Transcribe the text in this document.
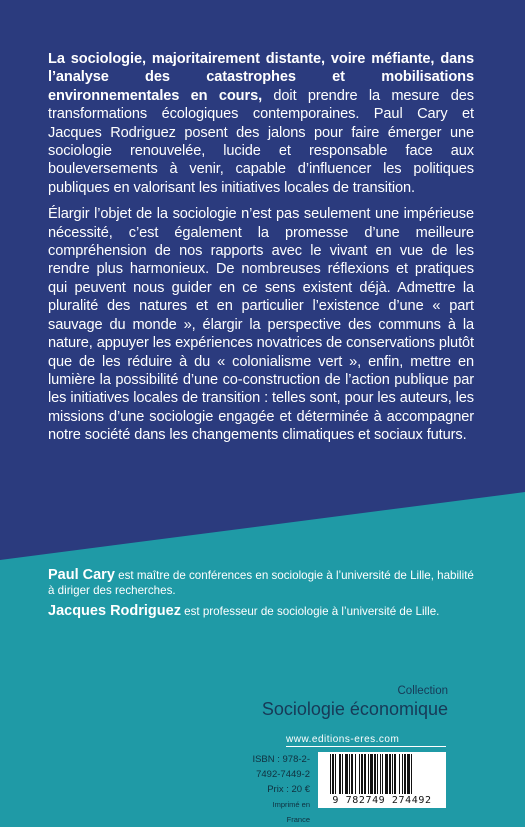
La sociologie, majoritairement distante, voire méfiante, dans l’analyse des catastrophes et mobilisations environnementales en cours, doit prendre la mesure des transformations écologiques contemporaines. Paul Cary et Jacques Rodriguez posent des jalons pour faire émerger une sociologie renouvelée, lucide et responsable face aux bouleversements à venir, capable d’influencer les politiques publiques en valorisant les initiatives locales de transition.

Élargir l’objet de la sociologie n’est pas seulement une impérieuse nécessité, c’est également la promesse d’une meilleure compréhension de nos rapports avec le vivant en vue de les rendre plus harmonieux. De nombreuses réflexions et pratiques qui peuvent nous guider en ce sens existent déjà. Admettre la pluralité des natures et en particulier l’existence d’une « part sauvage du monde », élargir la perspective des communs à la nature, appuyer les expériences novatrices de conservations plutôt que de les réduire à du « colonialisme vert », enfin, mettre en lumière la possibilité d’une co-construction de l’action publique par les initiatives locales de transition : telles sont, pour les auteurs, les missions d’une sociologie engagée et déterminée à accompagner notre société dans les changements climatiques et sociaux futurs.

Paul Cary est maître de conférences en sociologie à l’université de Lille, habilité à diriger des recherches.

Jacques Rodriguez est professeur de sociologie à l’université de Lille.

Collection
Sociologie économique
www.editions-eres.com
ISBN : 978-2-7492-7449-2
Prix : 20 €
Imprimé en France
9 782749 274492
